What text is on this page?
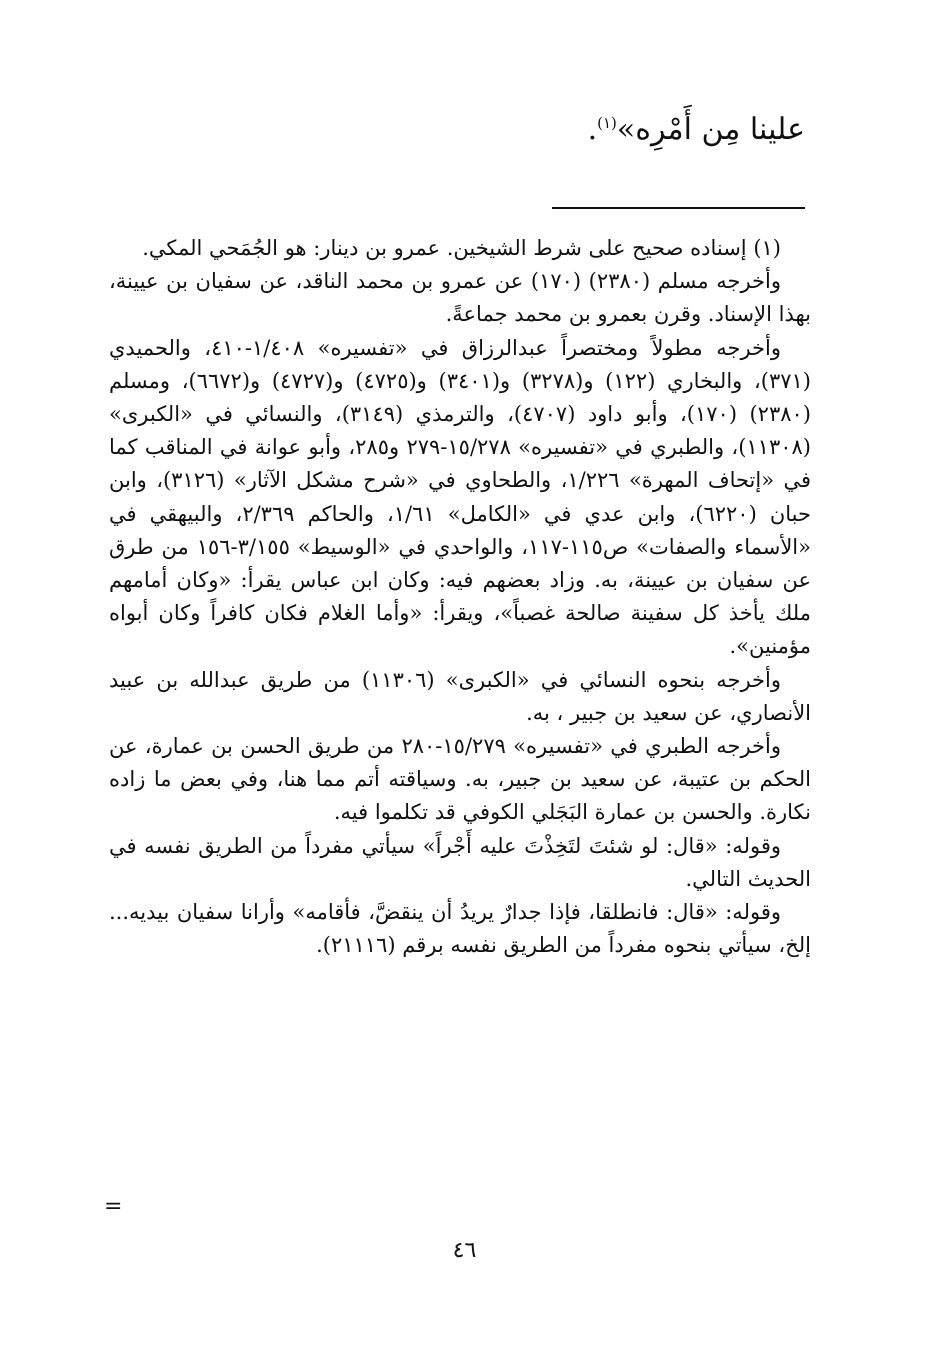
علينا مِن أَمْرِه»$^{(١)}$.

(١) إسناده صحيح على شرط الشيخين. عمرو بن دينار: هو الجُمَحي المكي.

وأخرجه مسلم (٢٣٨٠) (١٧٠) عن عمرو بن محمد الناقد، عن سفيان بن عيينة، بهذا الإسناد. وقرن بعمرو بن محمد جماعةً.

وأخرجه مطولاً ومختصراً عبدالرزاق في «تفسيره» ١/٤٠٨-٤١٠، والحميدي (٣٧١)، والبخاري (١٢٢) و(٣٢٧٨) و(٣٤٠١) و(٤٧٢٥) و(٤٧٢٧) و(٦٦٧٢)، ومسلم (٢٣٨٠) (١٧٠)، وأبو داود (٤٧٠٧)، والترمذي (٣١٤٩)، والنسائي في «الكبرى» (١١٣٠٨)، والطبري في «تفسيره» ١٥/٢٧٨-٢٧٩ و٢٨٥، وأبو عوانة في المناقب كما في «إتحاف المهرة» ١/٢٢٦، والطحاوي في «شرح مشكل الآثار» (٣١٢٦)، وابن حبان (٦٢٢٠)، وابن عدي في «الكامل» ١/٦١، والحاكم ٢/٣٦٩، والبيهقي في «الأسماء والصفات» ص١١٥-١١٧، والواحدي في «الوسيط» ٣/١٥٥-١٥٦ من طرق عن سفيان بن عيينة، به. وزاد بعضهم فيه: وكان ابن عباس يقرأ: «وكان أمامهم ملك يأخذ كل سفينة صالحة غصباً»، ويقرأ: «وأما الغلام فكان كافراً وكان أبواه مؤمنين».

وأخرجه بنحوه النسائي في «الكبرى» (١١٣٠٦) من طريق عبدالله بن عبيد الأنصاري، عن سعيد بن جبير ، به.

وأخرجه الطبري في «تفسيره» ١٥/٢٧٩-٢٨٠ من طريق الحسن بن عمارة، عن الحكم بن عتيبة، عن سعيد بن جبير، به. وسياقته أتم مما هنا، وفي بعض ما زاده نكارة. والحسن بن عمارة البَجَلي الكوفي قد تكلموا فيه.

وقوله: «قال: لو شئتَ لتَخِذْتَ عليه أَجْراً» سيأتي مفرداً من الطريق نفسه في الحديث التالي.

وقوله: «قال: فانطلقا، فإذا جدارٌ يريدُ أن ينقضَّ، فأقامه» وأرانا سفيان بيديه... إلخ، سيأتي بنحوه مفرداً من الطريق نفسه برقم (٢١١١٦).

=
٤٦
